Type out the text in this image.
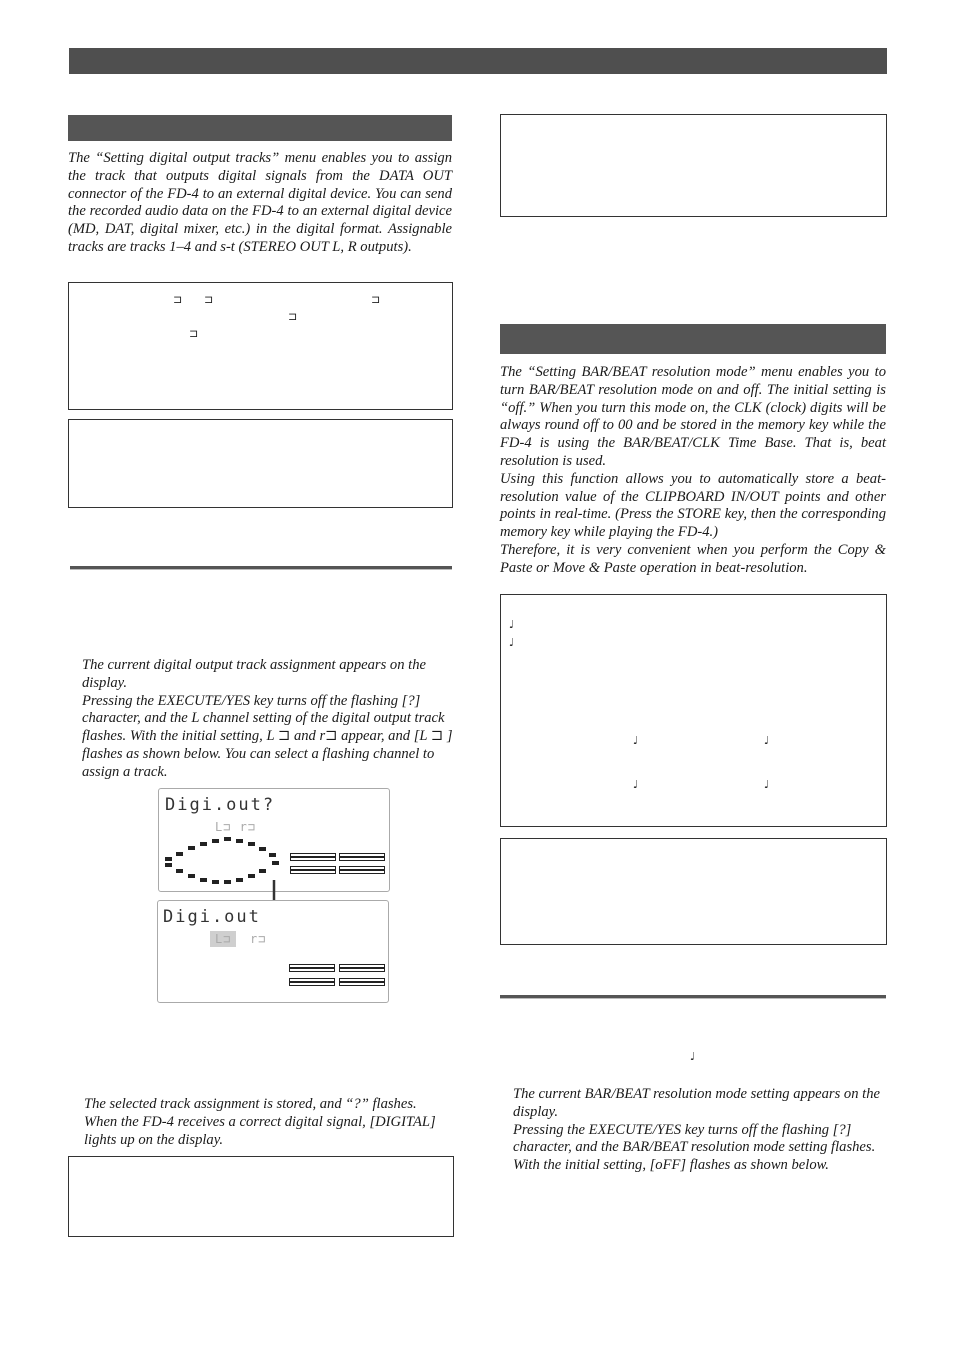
The “Setting digital output tracks” menu enables you to assign the track that outputs digital signals from the DATA OUT connector of the FD-4 to an external digital device. You can send the recorded audio data on the FD-4 to an external digital device (MD, DAT, digital mixer, etc.) in the digital format. Assignable tracks are tracks 1–4 and s-t (STEREO OUT L, R outputs).

⊐ ⊐	⊐
⊐
⊐

The current digital output track assignment appears on the display.

Pressing the EXECUTE/YES key turns off the flashing [?] character, and the L channel setting of the digital output track flashes. With the initial setting, L ⊐ and r⊐ appear, and [L ⊐ ] flashes as shown below. You can select a flashing channel to assign a track.

Digi.out?
L⊐ r⊐
Digi.out
L⊐	r⊐

The selected track assignment is stored, and “?” flashes.

When the FD-4 receives a correct digital signal, [DIGITAL] lights up on the display.

The “Setting BAR/BEAT resolution mode” menu enables you to turn BAR/BEAT resolution mode on and off. The initial setting is “off.” When you turn this mode on, the CLK (clock) digits will be always round off to 00 and be stored in the memory key while the FD-4 is using the BAR/BEAT/CLK Time Base. That is, beat resolution is used.

Using this function allows you to automatically store a beat-resolution value of the CLIPBOARD IN/OUT points and other points in real-time. (Press the STORE key, then the corresponding memory key while playing the FD-4.)

Therefore, it is very convenient when you perform the Copy & Paste or Move & Paste operation in beat-resolution.

♩
♩
♩	♩
♩	♩
♩

The current BAR/BEAT resolution mode setting appears on the display.

Pressing the EXECUTE/YES key turns off the flashing [?] character, and the BAR/BEAT resolution mode setting flashes.

With the initial setting, [oFF] flashes as shown below.
